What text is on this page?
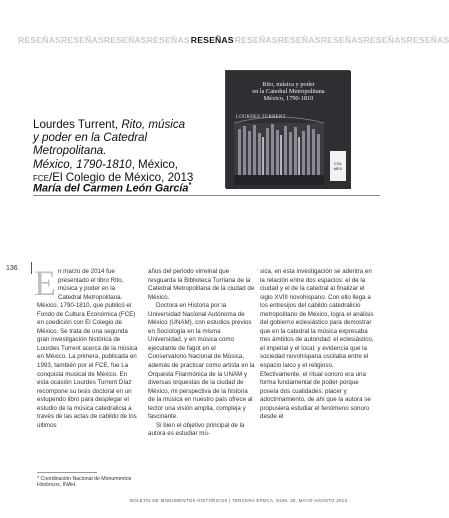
RESEÑASRESEÑASRESEÑASRESEÑAS RESEÑAS RESEÑASRESEÑASRESEÑASRESEÑASRESEÑAS
Lourdes Turrent, Rito, música
y poder en la Catedral Metropolitana.
México, 1790-1810, México,
FCE/El Colegio de México, 2013
María del Carmen León García*
Rito, música y poder
en la Catedral Metropolitana
México, 1790-1810
LOURDES TURRENT
COL
MEX
136 En marzo de 2014 fue presentado el libro Rito, música y poder en la Catedral Metropolitana. México, 1790-1810, que publicó el Fondo de Cultura Económica (FCE) en coedición con El Colegio de México. Se trata de una segunda gran investigación histórica de Lourdes Turrent acerca de la música en México. La primera, publicada en 1993, también por el FCE, fue La conquista musical de México. En esta ocasión Lourdes Turrent Díaz recompone su tesis doctoral en un estupendo libro para desplegar el estudio de la música catedralicia a través de las actas de cabildo de los últimos

años del periodo virreinal que resguarda la Biblioteca Turriana de la Catedral Metropolitana de la ciudad de México.

Doctora en Historia por la Universidad Nacional Autónoma de México (UNAM), con estudios previos en Sociología en la misma Universidad, y en música como ejecutante de fagot en el Conservatorio Nacional de Música, además de practicar como artista en la Orquesta Filarmónica de la UNAM y diversas orquestas de la ciudad de México, mi perspectiva de la historia de la música en nuestro país ofrece al lector una visión amplia, compleja y fascinante.

Si bien el objetivo principal de la autora es estudiar mú-

sica, en esta investigación se adentra en la relación entre dos espacios: el de la ciudad y el de la catedral al finalizar el siglo XVIII novohispano. Con ello llega a los entresijos del cabildo catedralicio metropolitano de México, logra el análisis del gobierno eclesiástico para demostrar que en la catedral la música expresaba tres ámbitos de autoridad: el eclesiástico, el imperial y el local; y evidencia que la sociedad novohispana oscilaba entre el espacio laico y el religioso. Efectivamente, el ritual sonoro era una forma fundamental de poder porque poseía dos cualidades: placer y adoctrinamiento, de ahí que la autora se propusiera estudiar el fenómeno sonoro desde el

* Coordinación Nacional de Monumentos Históricos, INAH.
BOLETÍN DE MONUMENTOS HISTÓRICOS | TERCERA ÉPOCA, NÚM. 30, MAYO-AGOSTO 2013
